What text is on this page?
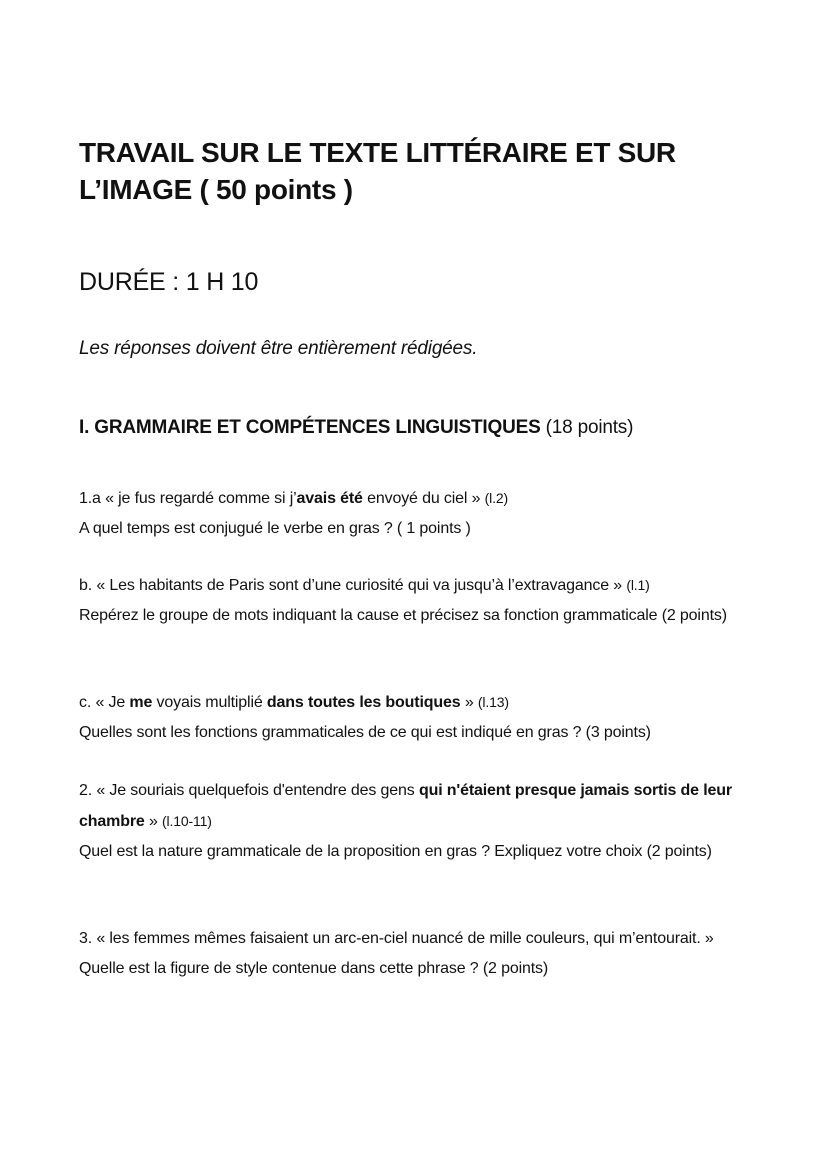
TRAVAIL SUR LE TEXTE LITTÉRAIRE ET SUR L’IMAGE ( 50 points )

DURÉE : 1 H 10

Les réponses doivent être entièrement rédigées.

I. GRAMMAIRE ET COMPÉTENCES LINGUISTIQUES (18 points)

1.a « je fus regardé comme si j’avais été envoyé du ciel » (l.2)

A quel temps est conjugué le verbe en gras ? ( 1 points )

b. « Les habitants de Paris sont d’une curiosité qui va jusqu’à l’extravagance » (l.1)

Repérez le groupe de mots indiquant la cause et précisez sa fonction grammaticale (2 points)

c. « Je me voyais multiplié dans toutes les boutiques » (l.13)

Quelles sont les fonctions grammaticales de ce qui est indiqué en gras ? (3 points)

2. « Je souriais quelquefois d'entendre des gens qui n'étaient presque jamais sortis de leur chambre » (l.10-11)

Quel est la nature grammaticale de la proposition en gras ? Expliquez votre choix (2 points)

3. « les femmes mêmes faisaient un arc-en-ciel nuancé de mille couleurs, qui m’entourait. »

Quelle est la figure de style contenue dans cette phrase ? (2 points)
